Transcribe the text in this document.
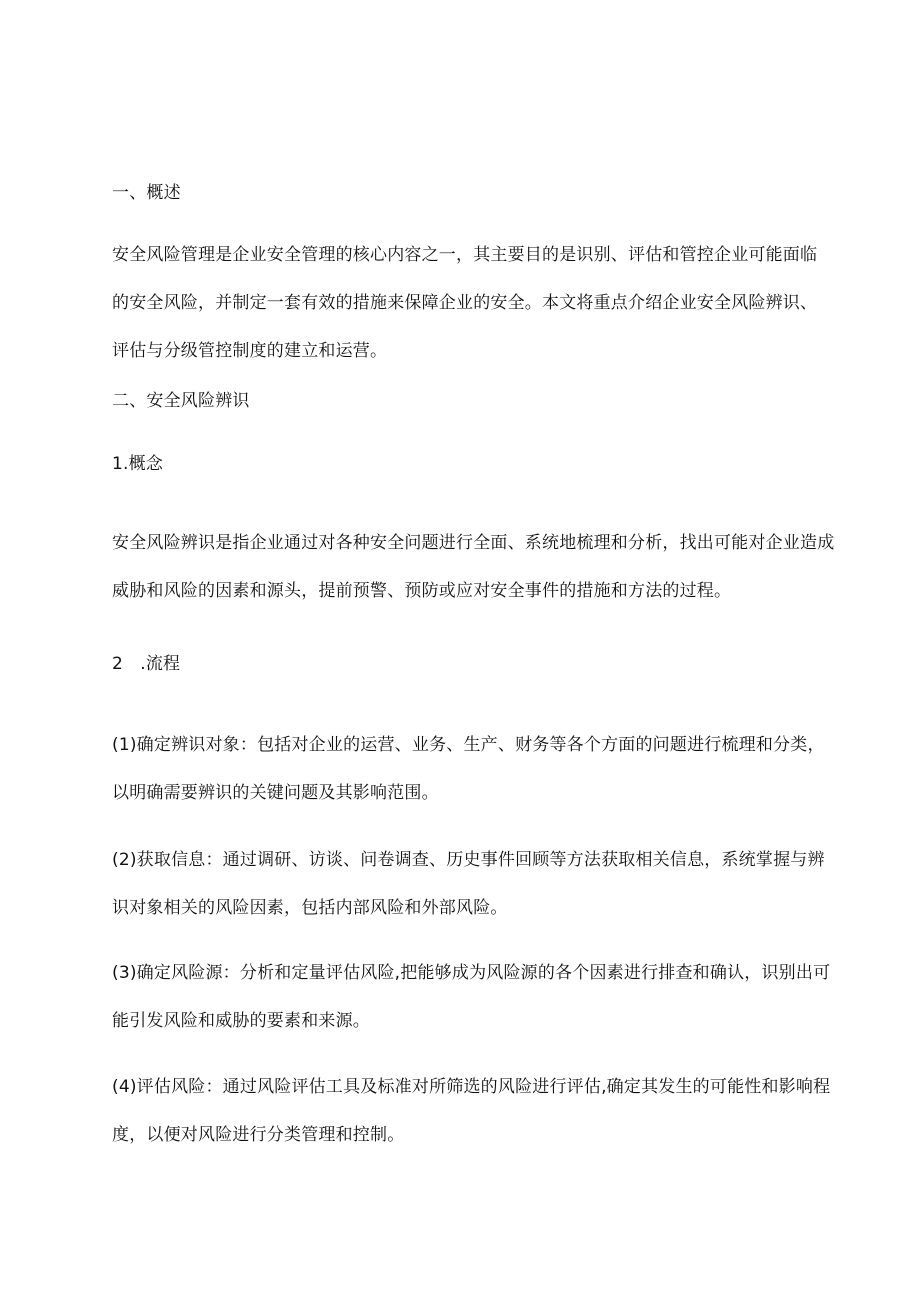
一、概述
安全风险管理是企业安全管理的核心内容之一，其主要目的是识别、评估和管控企业可能面临
的安全风险，并制定一套有效的措施来保障企业的安全。本文将重点介绍企业安全风险辨识、
评估与分级管控制度的建立和运营。
二、安全风险辨识
1.概念
安全风险辨识是指企业通过对各种安全问题进行全面、系统地梳理和分析，找出可能对企业造成
威胁和风险的因素和源头，提前预警、预防或应对安全事件的措施和方法的过程。
2　.流程
(1)确定辨识对象：包括对企业的运营、业务、生产、财务等各个方面的问题进行梳理和分类，
以明确需要辨识的关键问题及其影响范围。
(2)获取信息：通过调研、访谈、问卷调查、历史事件回顾等方法获取相关信息，系统掌握与辨
识对象相关的风险因素，包括内部风险和外部风险。
(3)确定风险源：分析和定量评估风险,把能够成为风险源的各个因素进行排查和确认，识别出可
能引发风险和威胁的要素和来源。
(4)评估风险：通过风险评估工具及标准对所筛选的风险进行评估,确定其发生的可能性和影响程
度，以便对风险进行分类管理和控制。
